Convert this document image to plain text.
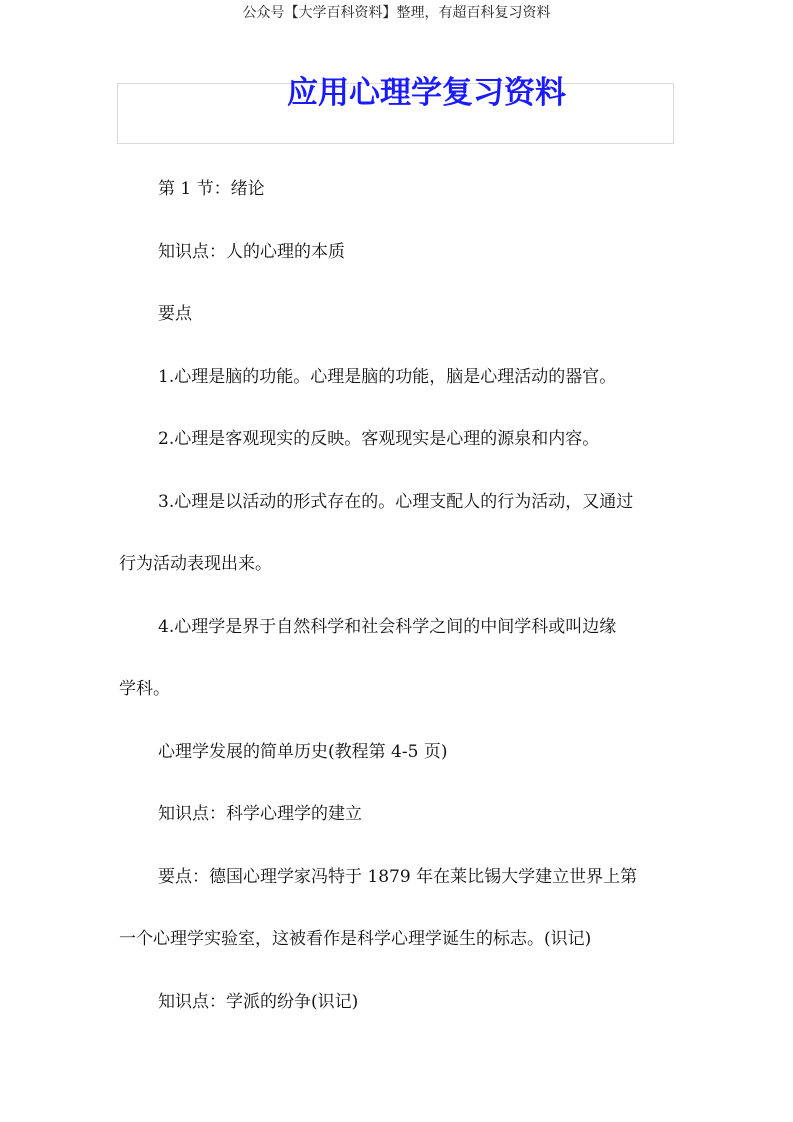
公众号【大学百科资料】整理，有超百科复习资料
应用心理学复习资料

第 1 节：绪论

知识点：人的心理的本质

要点

1.心理是脑的功能。心理是脑的功能，脑是心理活动的器官。

2.心理是客观现实的反映。客观现实是心理的源泉和内容。

3.心理是以活动的形式存在的。心理支配人的行为活动，又通过

行为活动表现出来。

4.心理学是界于自然科学和社会科学之间的中间学科或叫边缘

学科。

心理学发展的简单历史(教程第 4-5 页)

知识点：科学心理学的建立

要点：德国心理学家冯特于 1879 年在莱比锡大学建立世界上第

一个心理学实验室，这被看作是科学心理学诞生的标志。(识记)

知识点：学派的纷争(识记)
